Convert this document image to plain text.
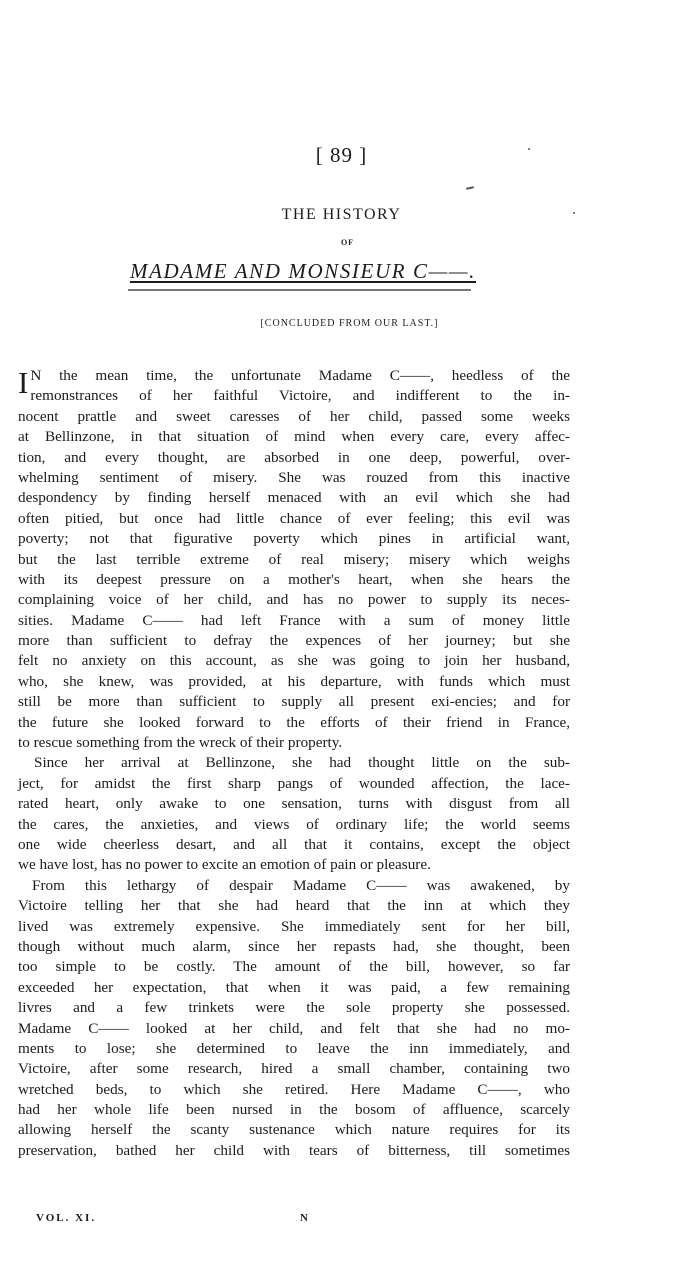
[ 89 ]
THE HISTORY
OF
MADAME AND MONSIEUR C——.
[CONCLUDED FROM OUR LAST.]
I N the mean time, the unfortunate Madame C——, heedless of the
remonstrances of her faithful Victoire, and indifferent to the in-
nocent prattle and sweet caresses of her child, passed some weeks
at Bellinzone, in that situation of mind when every care, every affec-
tion, and every thought, are absorbed in one deep, powerful, over-
whelming sentiment of misery. She was rouzed from this inactive
despondency by finding herself menaced with an evil which she had
often pitied, but once had little chance of ever feeling; this evil was
poverty; not that figurative poverty which pines in artificial want,
but the last terrible extreme of real misery; misery which weighs
with its deepest pressure on a mother's heart, when she hears the
complaining voice of her child, and has no power to supply its neces-
sities. Madame C—— had left France with a sum of money little
more than sufficient to defray the expences of her journey; but she
felt no anxiety on this account, as she was going to join her husband,
who, she knew, was provided, at his departure, with funds which must
still be more than sufficient to supply all present exi-encies; and for
the future she looked forward to the efforts of their friend in France,
to rescue something from the wreck of their property.
Since her arrival at Bellinzone, she had thought little on the sub-
ject, for amidst the first sharp pangs of wounded affection, the lace-
rated heart, only awake to one sensation, turns with disgust from all
the cares, the anxieties, and views of ordinary life; the world seems
one wide cheerless desart, and all that it contains, except the object
we have lost, has no power to excite an emotion of pain or pleasure.
From this lethargy of despair Madame C—— was awakened, by
Victoire telling her that she had heard that the inn at which they
lived was extremely expensive. She immediately sent for her bill,
though without much alarm, since her repasts had, she thought, been
too simple to be costly. The amount of the bill, however, so far
exceeded her expectation, that when it was paid, a few remaining
livres and a few trinkets were the sole property she possessed.
Madame C—— looked at her child, and felt that she had no mo-
ments to lose; she determined to leave the inn immediately, and
Victoire, after some research, hired a small chamber, containing two
wretched beds, to which she retired. Here Madame C——, who
had her whole life been nursed in the bosom of affluence, scarcely
allowing herself the scanty sustenance which nature requires for its
preservation, bathed her child with tears of bitterness, till sometimes
VOL. XI.	N
